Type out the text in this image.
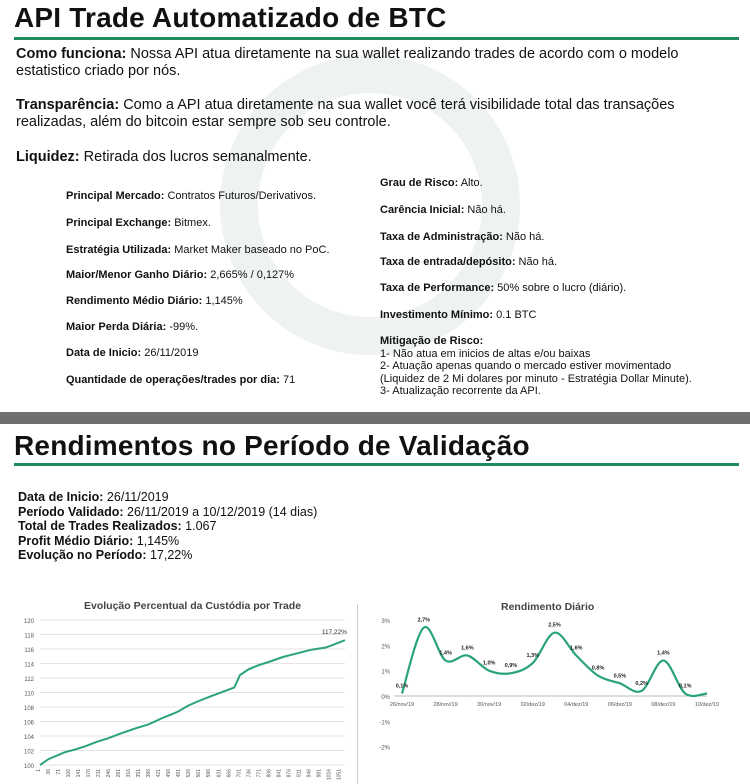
API Trade Automatizado de BTC
Como funciona: Nossa API atua diretamente na sua wallet realizando trades de acordo com o modelo estatistico criado por nós.
Transparência: Como a API atua diretamente na sua wallet você terá visibilidade total das transações realizadas, além do bitcoin estar sempre sob seu controle.
Liquidez: Retirada dos lucros semanalmente.
Principal Mercado: Contratos Futuros/Derivativos.
Principal Exchange: Bitmex.
Estratégia Utilizada: Market Maker baseado no PoC.
Maior/Menor Ganho Diário: 2,665% / 0,127%
Rendimento Médio Diário: 1,145%
Maior Perda Diária: -99%.
Data de Inicio: 26/11/2019
Quantidade de operações/trades por dia: 71
Grau de Risco: Alto.
Carência Inicial: Não há.
Taxa de Administração: Não há.
Taxa de entrada/depósito: Não há.
Taxa de Performance: 50% sobre o lucro (diário).
Investimento Mínimo: 0.1 BTC
Mitigação de Risco:
1- Não atua em inicios de altas e/ou baixas
2- Atuação apenas quando o mercado estiver movimentado
(Liquidez de 2 Mi dolares por minuto - Estratégia Dollar Minute).
3- Atualização recorrente da API.
Rendimentos no Período de Validação
Data de Inicio: 26/11/2019
Período Validado: 26/11/2019 a 10/12/2019 (14 dias)
Total de Trades Realizados: 1.067
Profit Médio Diário: 1,145%
Evolução no Período: 17,22%
Evolução Percentual da Custódia por Trade	Rendimento Diário
100
102
104
106
108
110
112
114
116
118
120
1 36 71 106 141 176 211 246 281 316 351 386 421 456 491 526 561 596 631 666 701 736 771 806 841 876 911 946 981 1016 1051
117,22%
3%
2%
1%
0%
-1%
-2%
26/nov/19	28/nov/19	30/nov/19	02/dez/19	04/dez/19	06/dez/19	08/dez/19	10/dez/19
0,1%
2,7%
1,4%
1,6%
1,0% 0,9%
1,3%
2,5%
1,6%
0,8%
0,5%
0,2%
1,4%
0,1%
